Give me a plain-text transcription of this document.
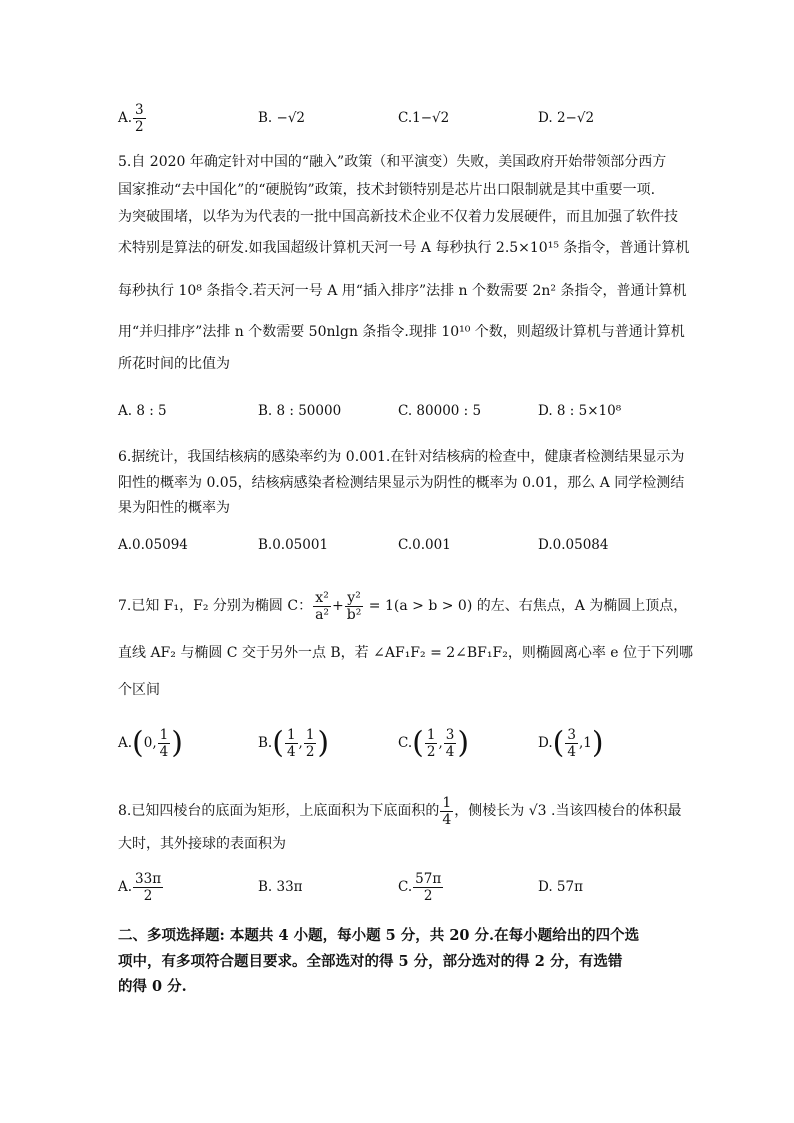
A. $\frac{3}{2}$	B. −√2	C.1−√2	D. 2−√2
5.自 2020 年确定针对中国的“融入”政策（和平演变）失败，美国政府开始带领部分西方
国家推动“去中国化”的“硬脱钩”政策，技术封锁特别是芯片出口限制就是其中重要一项.
为突破围堵，以华为为代表的一批中国高新技术企业不仅着力发展硬件，而且加强了软件技
术特别是算法的研发.如我国超级计算机天河一号 A 每秒执行 2.5×10¹⁵ 条指令，普通计算机
每秒执行 10⁸ 条指令.若天河一号 A 用“插入排序”法排 n 个数需要 2n² 条指令，普通计算机
用“并归排序”法排 n 个数需要 50nlgn 条指令.现排 10¹⁰ 个数，则超级计算机与普通计算机
所花时间的比值为
A. 8 : 5	B. 8 : 50000	C. 80000 : 5	D. 8 : 5×10⁸
6.据统计，我国结核病的感染率约为 0.001.在针对结核病的检查中，健康者检测结果显示为
阳性的概率为 0.05，结核病感染者检测结果显示为阴性的概率为 0.01，那么 A 同学检测结
果为阳性的概率为
A.0.05094	B.0.05001	C.0.001	D.0.05084
7.已知 F₁，F₂ 分别为椭圆 C： $\frac{\text{x²}}{\text{a²}} + \frac{\text{y²}}{\text{b²}} = 1(a > b > 0)$ 的左、右焦点，A 为椭圆上顶点，
直线 AF₂ 与椭圆 C 交于另外一点 B，若 ∠AF₁F₂ = 2∠BF₁F₂，则椭圆离心率 e 位于下列哪
个区间
A.(0, $\frac{1}{4}$ )	$B.( \frac{1}{4}$ , $\frac{1}{2}$ )	$C.( \frac{1}{2}$ , $\frac{3}{4}$ )	$D.( \frac{3}{4} ,1)$
8.已知四棱台的底面为矩形，上底面积为下底面积的 $\frac{1}{4}$ ，侧棱长为 √3 .当该四棱台的体积最
大时，其外接球的表面积为
A. $\frac{33\pi}{2}$	B. 33π	C. $\frac{57\pi}{2}$	D. 57π
二、多项选择题: 本题共 4 小题，每小题 5 分，共 20 分.在每小题给出的四个选
项中，有多项符合题目要求。全部选对的得 5 分，部分选对的得 2 分，有选错
的得 0 分.
